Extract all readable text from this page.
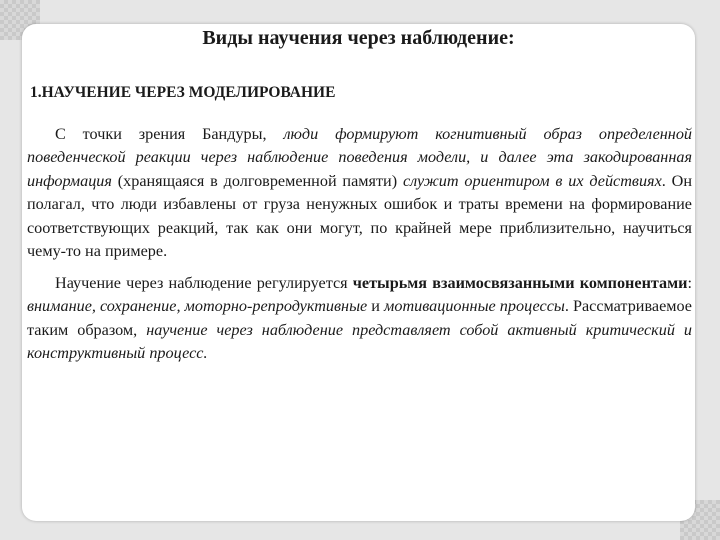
Виды научения через наблюдение:
1.НАУЧЕНИЕ ЧЕРЕЗ МОДЕЛИРОВАНИЕ

С точки зрения Бандуры, люди формируют когнитивный образ определенной поведенческой реакции через наблюдение поведения модели, и далее эта закодированная информация (хранящаяся в долговременной памяти) служит ориентиром в их действиях. Он полагал, что люди избавлены от груза ненужных ошибок и траты времени на формирование соответствующих реакций, так как они могут, по крайней мере приблизительно, научиться чему-то на примере.

Научение через наблюдение регулируется четырьмя взаимосвязанными компонентами: внимание, сохранение, моторно-репродуктивные и мотивационные процессы. Рассматриваемое таким образом, научение через наблюдение представляет собой активный критический и конструктивный процесс.
